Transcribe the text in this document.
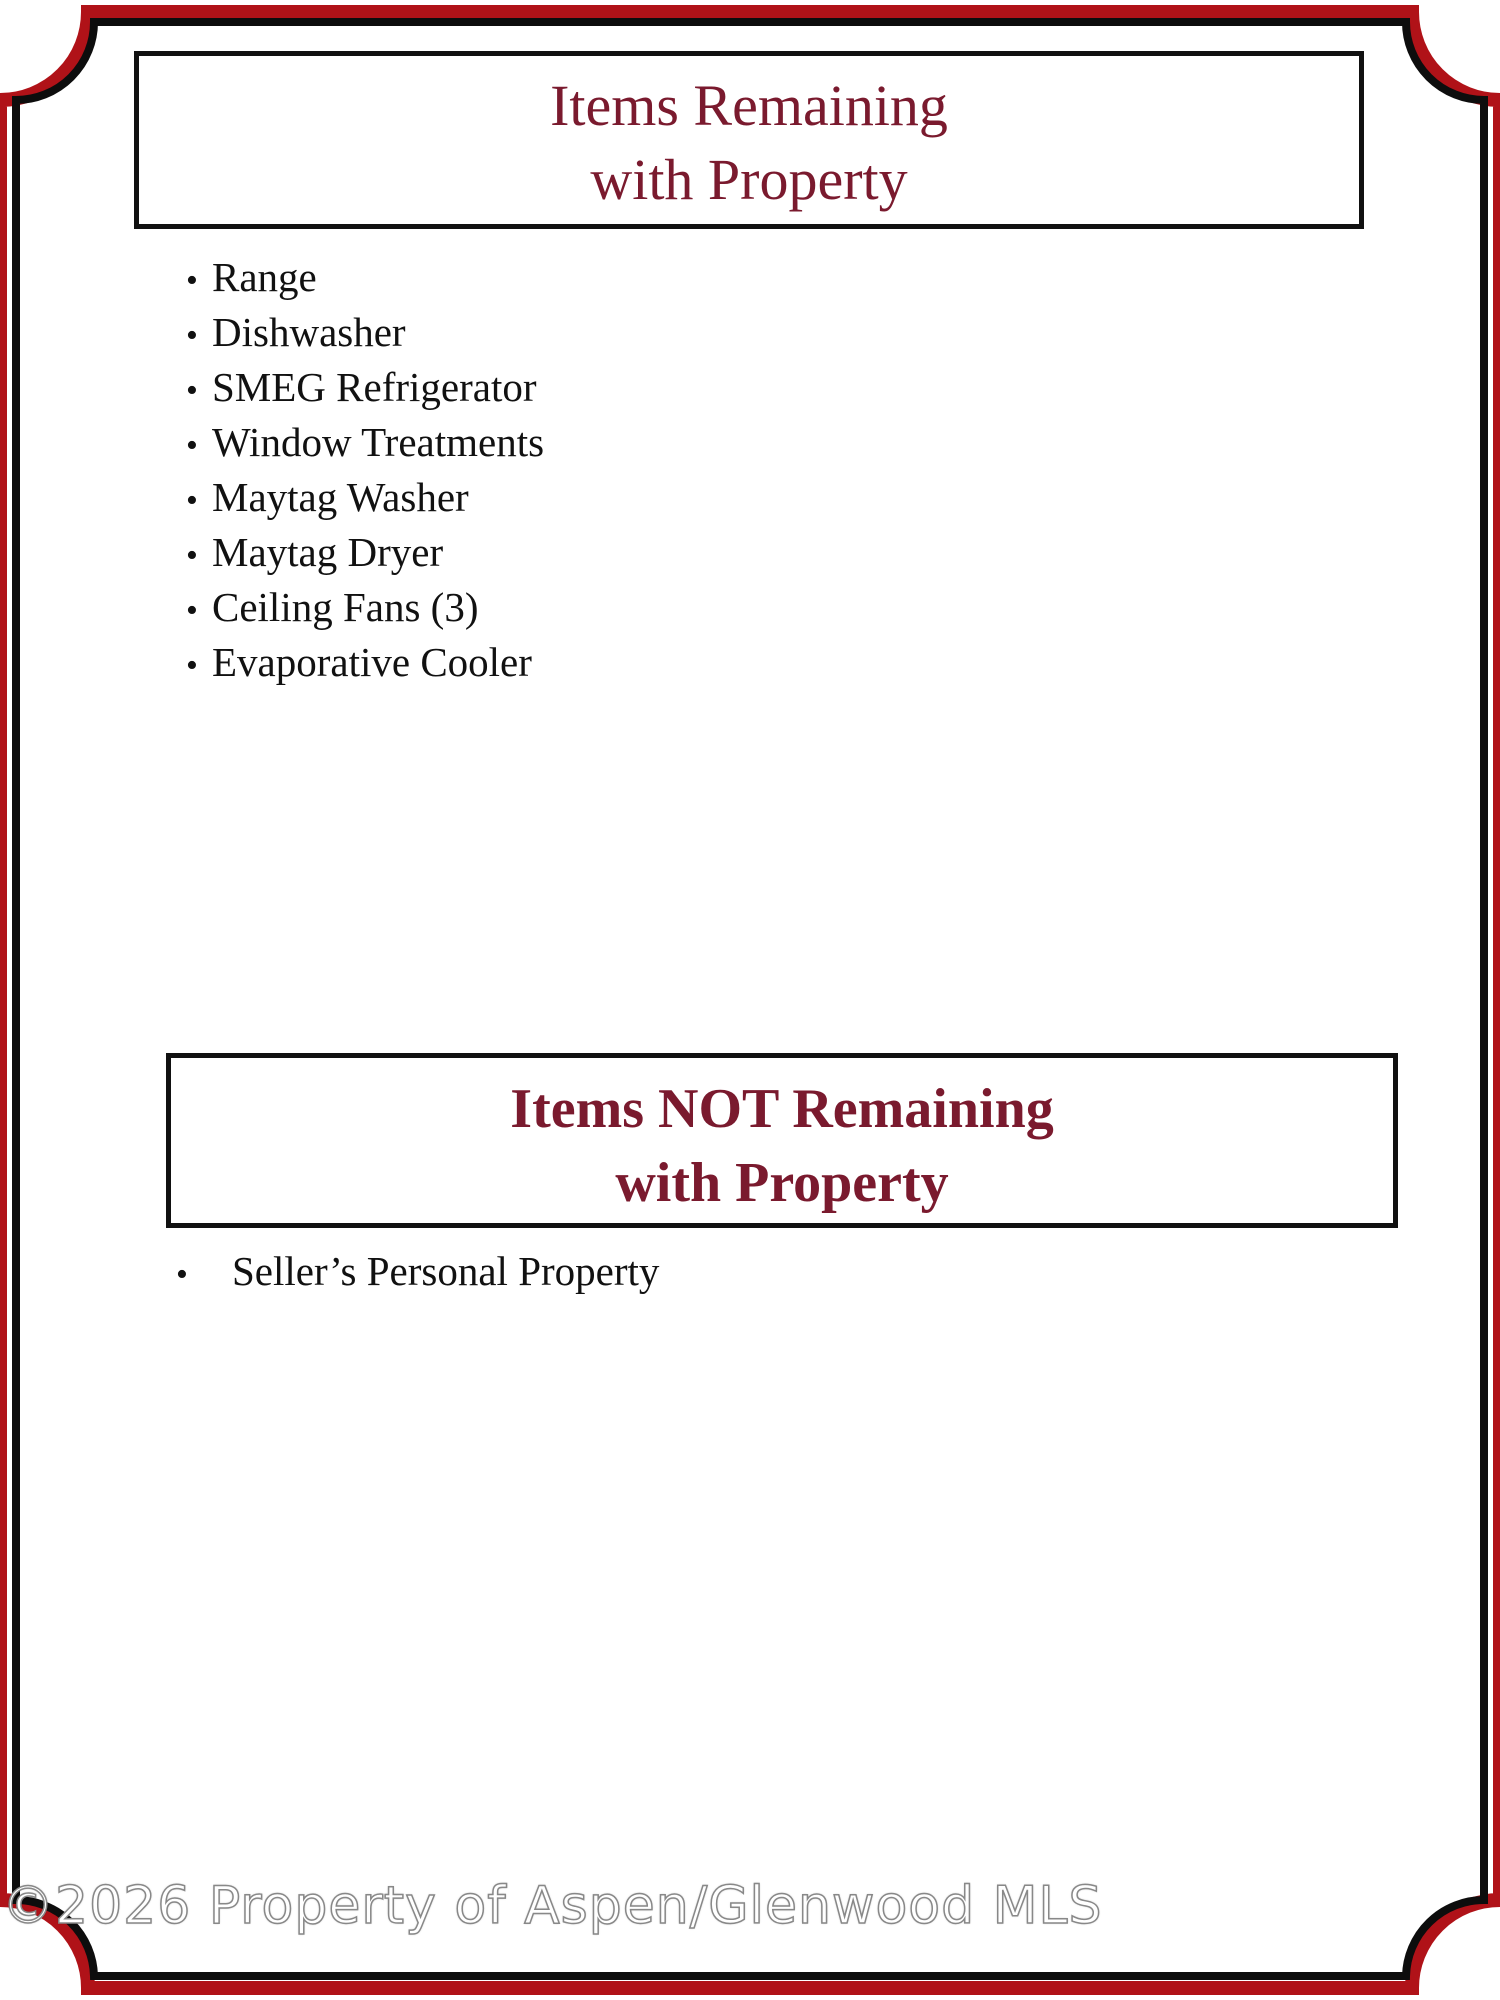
Items Remaining
with Property
• Range
• Dishwasher
• SMEG Refrigerator
• Window Treatments
• Maytag Washer
• Maytag Dryer
• Ceiling Fans (3)
• Evaporative Cooler
Items NOT Remaining
with Property
• Seller’s Personal Property
©2026 Property of Aspen/Glenwood MLS
